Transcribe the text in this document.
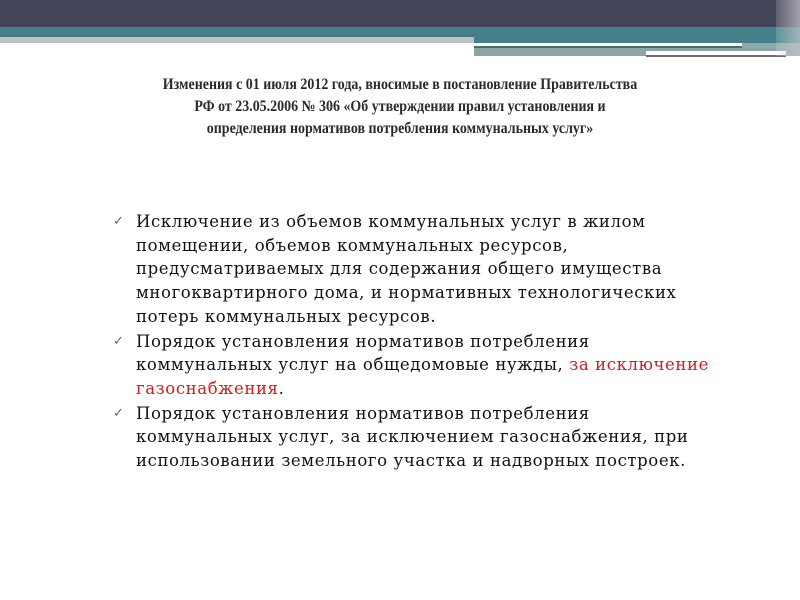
Изменения с 01 июля 2012 года, вносимые в постановление Правительства
РФ от 23.05.2006 № 306 «Об утверждении правил установления и
определения нормативов потребления коммунальных услуг»
✓ Исключение из объемов коммунальных услуг в жилом помещении, объемов коммунальных ресурсов, предусматриваемых для содержания общего имущества многоквартирного дома, и нормативных технологических потерь коммунальных ресурсов.
✓ Порядок установления нормативов потребления коммунальных услуг на общедомовые нужды, за исключение газоснабжения.
✓ Порядок установления нормативов потребления коммунальных услуг, за исключением газоснабжения, при использовании земельного участка и надворных построек.
